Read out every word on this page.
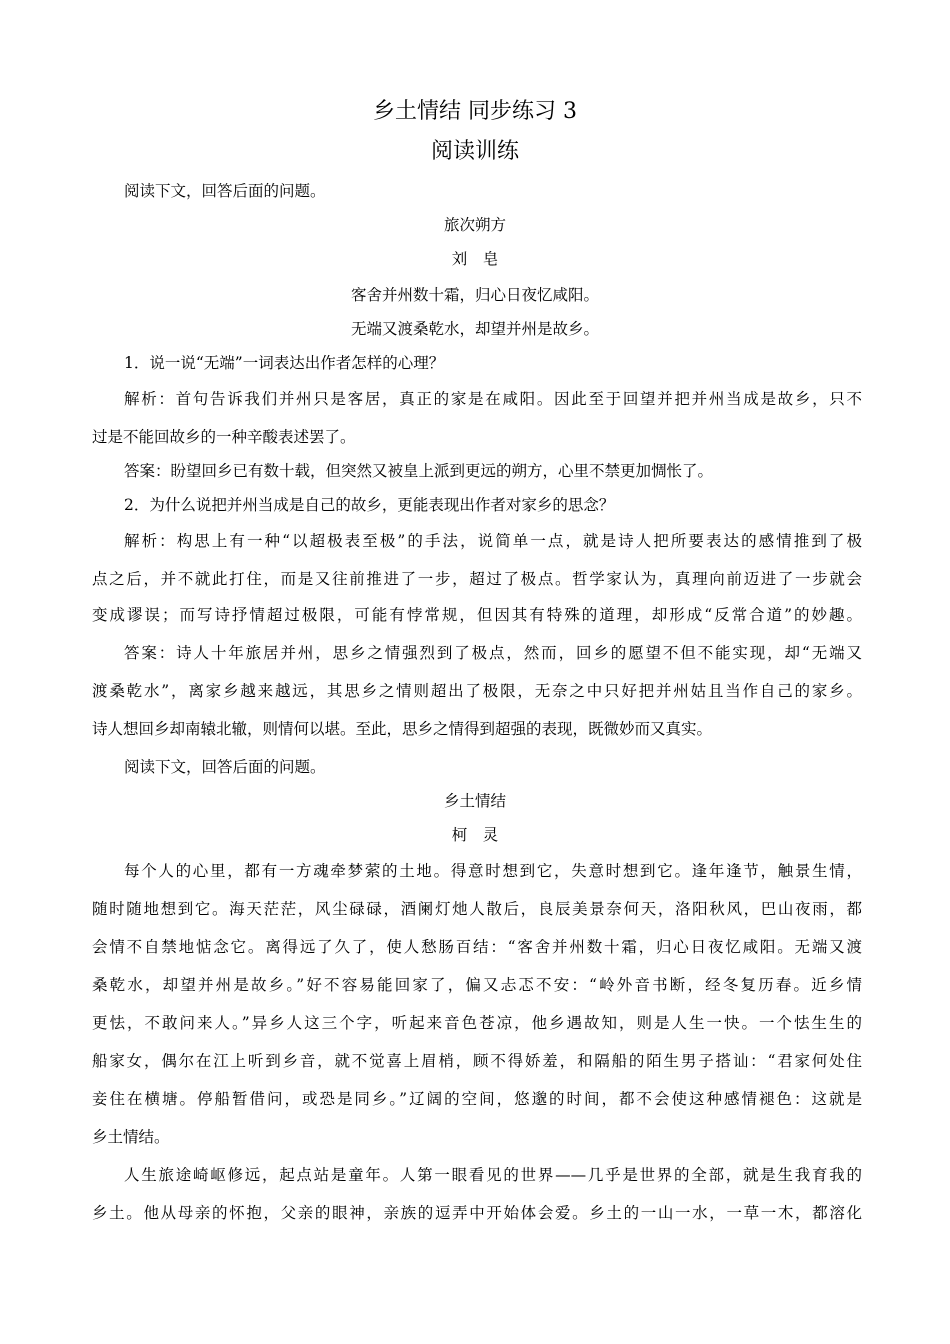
乡土情结 同步练习 3
阅读训练
阅读下文，回答后面的问题。
旅次朔方
刘　皂
客舍并州数十霜，归心日夜忆咸阳。
无端又渡桑乾水，却望并州是故乡。
1．说一说“无端”一词表达出作者怎样的心理？
解析：首句告诉我们并州只是客居，真正的家是在咸阳。因此至于回望并把并州当成是故乡，只不
过是不能回故乡的一种辛酸表述罢了。
答案：盼望回乡已有数十载，但突然又被皇上派到更远的朔方，心里不禁更加惆怅了。
2．为什么说把并州当成是自己的故乡，更能表现出作者对家乡的思念？
解析：构思上有一种“以超极表至极”的手法，说简单一点，就是诗人把所要表达的感情推到了极
点之后，并不就此打住，而是又往前推进了一步，超过了极点。哲学家认为，真理向前迈进了一步就会
变成谬误；而写诗抒情超过极限，可能有悖常规，但因其有特殊的道理，却形成“反常合道”的妙趣。
答案：诗人十年旅居并州，思乡之情强烈到了极点，然而，回乡的愿望不但不能实现，却“无端又
渡桑乾水”，离家乡越来越远，其思乡之情则超出了极限，无奈之中只好把并州姑且当作自己的家乡。
诗人想回乡却南辕北辙，则情何以堪。至此，思乡之情得到超强的表现，既微妙而又真实。
阅读下文，回答后面的问题。
乡土情结
柯　灵
每个人的心里，都有一方魂牵梦萦的土地。得意时想到它，失意时想到它。逢年逢节，触景生情，
随时随地想到它。海天茫茫，风尘碌碌，酒阑灯灺人散后，良辰美景奈何天，洛阳秋风，巴山夜雨，都
会情不自禁地惦念它。离得远了久了，使人愁肠百结：“客舍并州数十霜，归心日夜忆咸阳。无端又渡
桑乾水，却望并州是故乡。”好不容易能回家了，偏又忐忑不安：“岭外音书断，经冬复历春。近乡情
更怯，不敢问来人。”异乡人这三个字，听起来音色苍凉，他乡遇故知，则是人生一快。一个怯生生的
船家女，偶尔在江上听到乡音，就不觉喜上眉梢，顾不得娇羞，和隔船的陌生男子搭讪：“君家何处住
妾住在横塘。停船暂借问，或恐是同乡。”辽阔的空间，悠邈的时间，都不会使这种感情褪色：这就是
乡土情结。
人生旅途崎岖修远，起点站是童年。人第一眼看见的世界——几乎是世界的全部，就是生我育我的
乡土。他从母亲的怀抱，父亲的眼神，亲族的逗弄中开始体会爱。乡土的一山一水，一草一木，都溶化
